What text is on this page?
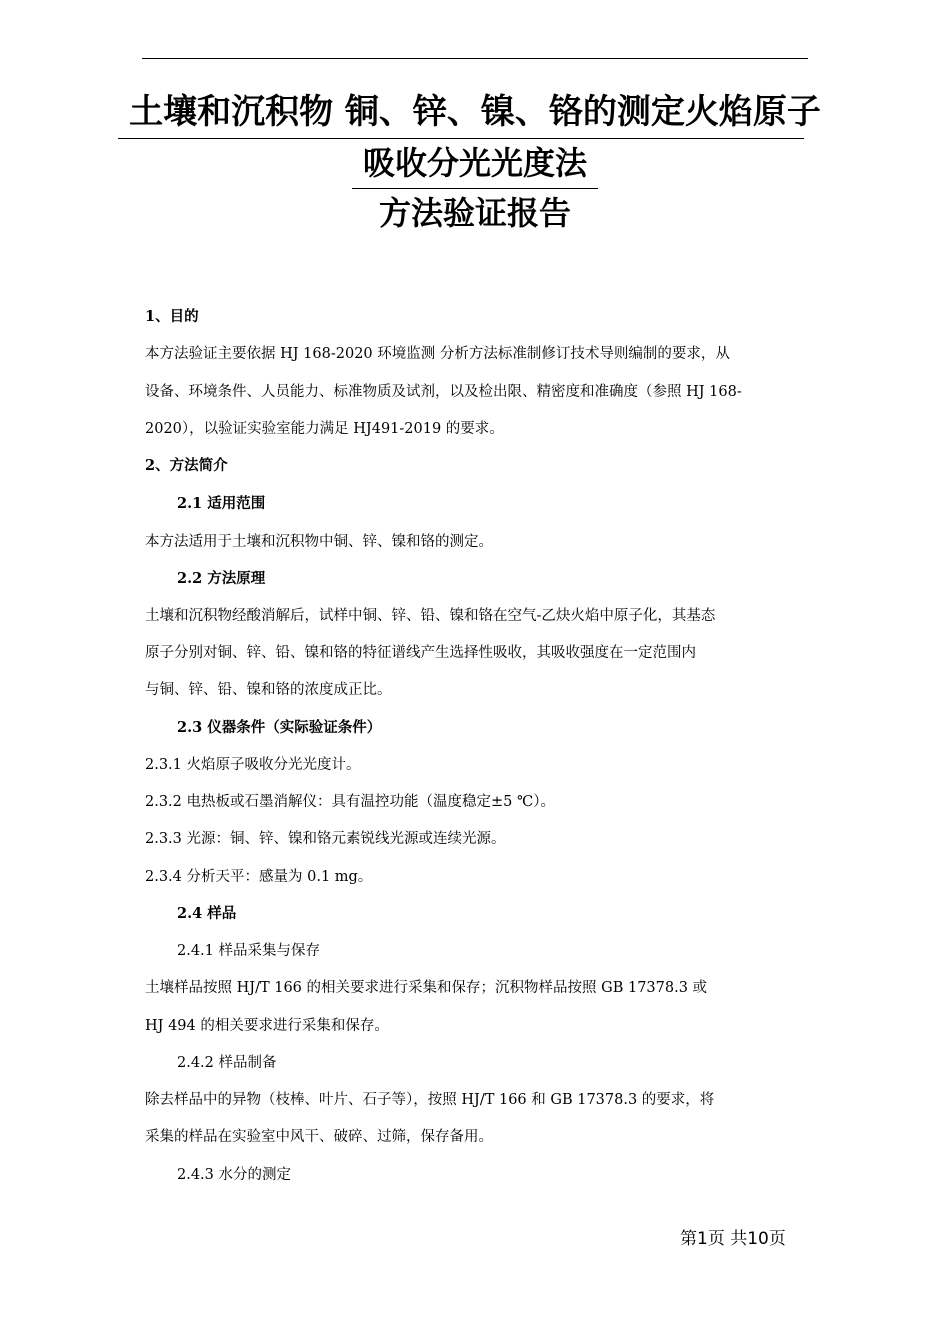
土壤和沉积物 铜、锌、镍、铬的测定火焰原子
吸收分光光度法
方法验证报告
1、目的
本方法验证主要依据 HJ 168-2020 环境监测 分析方法标准制修订技术导则编制的要求，从
设备、环境条件、人员能力、标准物质及试剂，以及检出限、精密度和准确度（参照 HJ 168-
2020），以验证实验室能力满足 HJ491-2019 的要求。
2、方法简介
2.1 适用范围
本方法适用于土壤和沉积物中铜、锌、镍和铬的测定。
2.2 方法原理
土壤和沉积物经酸消解后，试样中铜、锌、铅、镍和铬在空气-乙炔火焰中原子化，其基态
原子分别对铜、锌、铅、镍和铬的特征谱线产生选择性吸收，其吸收强度在一定范围内
与铜、锌、铅、镍和铬的浓度成正比。
2.3 仪器条件（实际验证条件）
2.3.1 火焰原子吸收分光光度计。
2.3.2 电热板或石墨消解仪：具有温控功能（温度稳定±5 ℃）。
2.3.3 光源：铜、锌、镍和铬元素锐线光源或连续光源。
2.3.4 分析天平：感量为 0.1 mg。
2.4 样品
2.4.1 样品采集与保存
土壤样品按照 HJ/T 166 的相关要求进行采集和保存；沉积物样品按照 GB 17378.3 或
HJ 494 的相关要求进行采集和保存。
2.4.2 样品制备
除去样品中的异物（枝棒、叶片、石子等），按照 HJ/T 166 和 GB 17378.3 的要求，将
采集的样品在实验室中风干、破碎、过筛，保存备用。
2.4.3 水分的测定
第1页 共10页
